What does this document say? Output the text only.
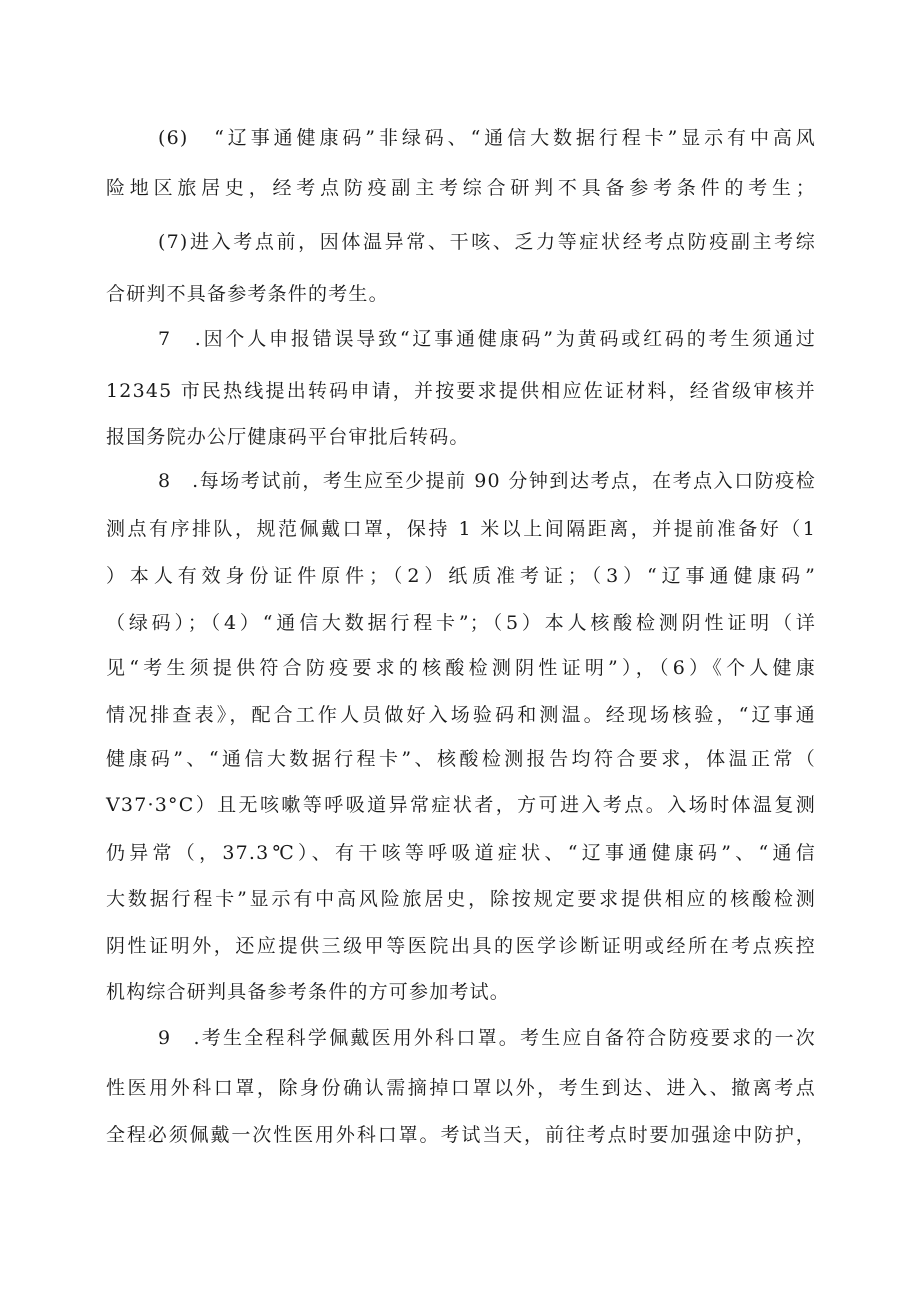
(6)　“辽事通健康码”非绿码、“通信大数据行程卡”显示有中高风
险地区旅居史，经考点防疫副主考综合研判不具备参考条件的考生；
(7)进入考点前，因体温异常、干咳、乏力等症状经考点防疫副主考综
合研判不具备参考条件的考生。
7　.因个人申报错误导致“辽事通健康码”为黄码或红码的考生须通过
12345 市民热线提出转码申请，并按要求提供相应佐证材料，经省级审核并
报国务院办公厅健康码平台审批后转码。
8　.每场考试前，考生应至少提前 90 分钟到达考点，在考点入口防疫检
测点有序排队，规范佩戴口罩，保持 1 米以上间隔距离，并提前准备好（1
）本人有效身份证件原件；（2）纸质准考证；（3）“辽事通健康码”
（绿码）；（4）“通信大数据行程卡”；（5）本人核酸检测阴性证明（详
见“考生须提供符合防疫要求的核酸检测阴性证明”），（6）《个人健康
情况排查表》，配合工作人员做好入场验码和测温。经现场核验，“辽事通
健康码”、“通信大数据行程卡”、核酸检测报告均符合要求，体温正常（
V37·3°C）且无咳嗽等呼吸道异常症状者，方可进入考点。入场时体温复测
仍异常（，37.3℃）、有干咳等呼吸道症状、“辽事通健康码”、“通信
大数据行程卡”显示有中高风险旅居史，除按规定要求提供相应的核酸检测
阴性证明外，还应提供三级甲等医院出具的医学诊断证明或经所在考点疾控
机构综合研判具备参考条件的方可参加考试。
9　.考生全程科学佩戴医用外科口罩。考生应自备符合防疫要求的一次
性医用外科口罩，除身份确认需摘掉口罩以外，考生到达、进入、撤离考点
全程必须佩戴一次性医用外科口罩。考试当天，前往考点时要加强途中防护，
